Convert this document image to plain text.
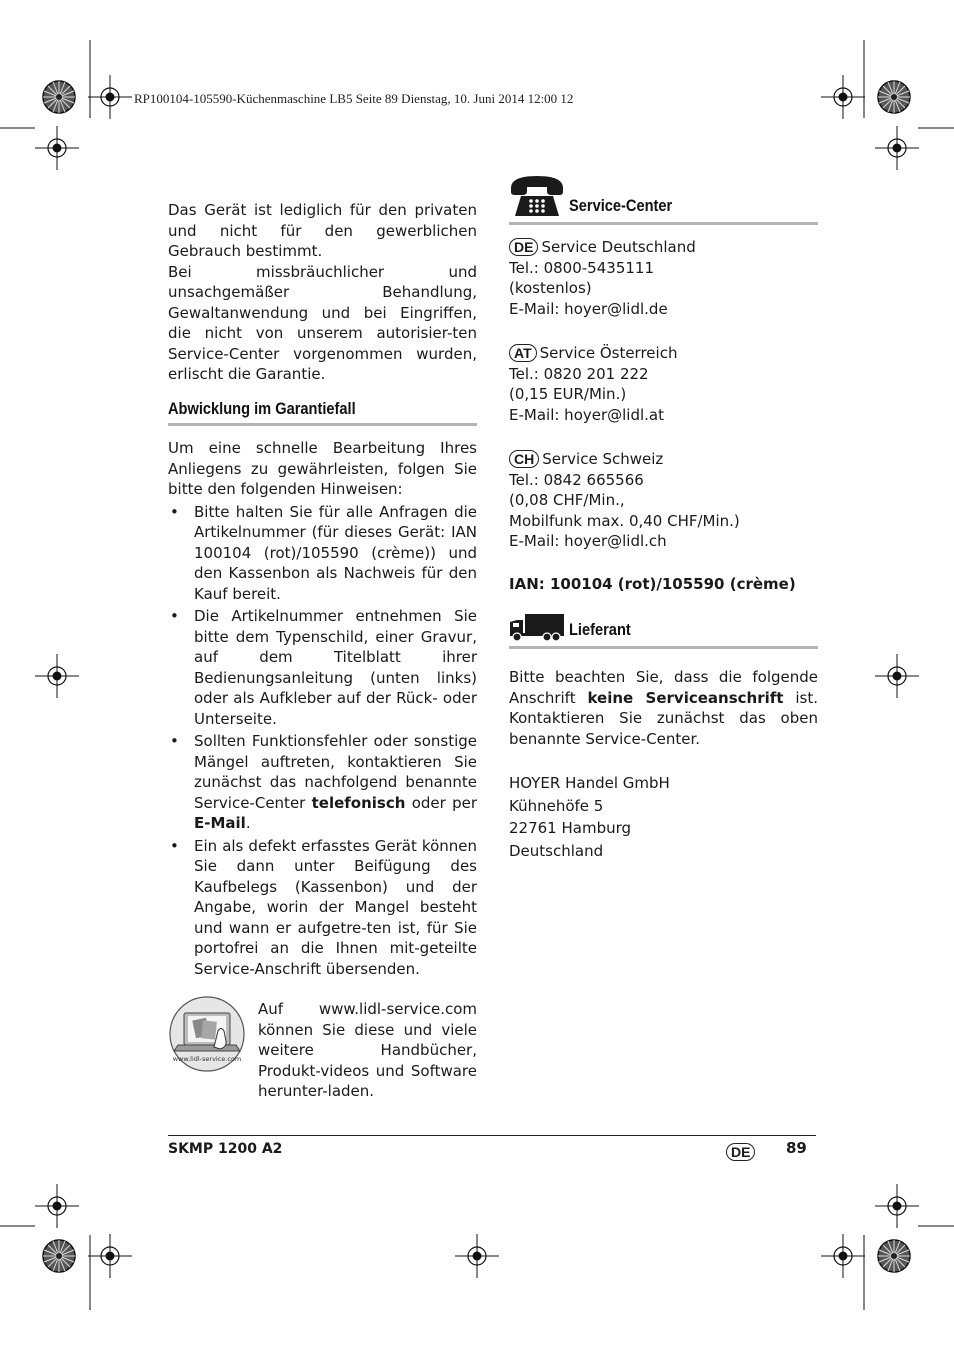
RP100104-105590-Küchenmaschine LB5 Seite 89 Dienstag, 10. Juni 2014 12:00 12

Das Gerät ist lediglich für den privaten und nicht für den gewerblichen Gebrauch bestimmt.

Bei missbräuchlicher und unsachgemäßer Behandlung, Gewaltanwendung und bei Eingriffen, die nicht von unserem autorisier-ten Service-Center vorgenommen wurden, erlischt die Garantie.

Abwicklung im Garantiefall

Um eine schnelle Bearbeitung Ihres Anliegens zu gewährleisten, folgen Sie bitte den folgenden Hinweisen:

• Bitte halten Sie für alle Anfragen die Artikelnummer (für dieses Gerät: IAN 100104 (rot)/105590 (crème)) und den Kassenbon als Nachweis für den Kauf bereit.
• Die Artikelnummer entnehmen Sie bitte dem Typenschild, einer Gravur, auf dem Titelblatt ihrer Bedienungsanleitung (unten links) oder als Aufkleber auf der Rück- oder Unterseite.
• Sollten Funktionsfehler oder sonstige Mängel auftreten, kontaktieren Sie zunächst das nachfolgend benannte Service-Center telefonisch oder per E-Mail.
• Ein als defekt erfasstes Gerät können Sie dann unter Beifügung des Kaufbelegs (Kassenbon) und der Angabe, worin der Mangel besteht und wann er aufgetre-ten ist, für Sie portofrei an die Ihnen mit-geteilte Service-Anschrift übersenden.
www.lidl-service.com

Auf www.lidl-service.com können Sie diese und viele weitere Handbücher, Produkt-videos und Software herunter-laden.

Service-Center
DE Service Deutschland
Tel.: 0800-5435111
(kostenlos)
E-Mail: hoyer@lidl.de
AT Service Österreich
Tel.: 0820 201 222
(0,15 EUR/Min.)
E-Mail: hoyer@lidl.at
CH Service Schweiz
Tel.: 0842 665566
(0,08 CHF/Min.,
Mobilfunk max. 0,40 CHF/Min.)
E-Mail: hoyer@lidl.ch
IAN: 100104 (rot)/105590 (crème)
Lieferant

Bitte beachten Sie, dass die folgende Anschrift keine Serviceanschrift ist. Kontaktieren Sie zunächst das oben benannte Service-Center.

HOYER Handel GmbH
Kühnehöfe 5
22761 Hamburg
Deutschland
SKMP 1200 A2	DE	89
